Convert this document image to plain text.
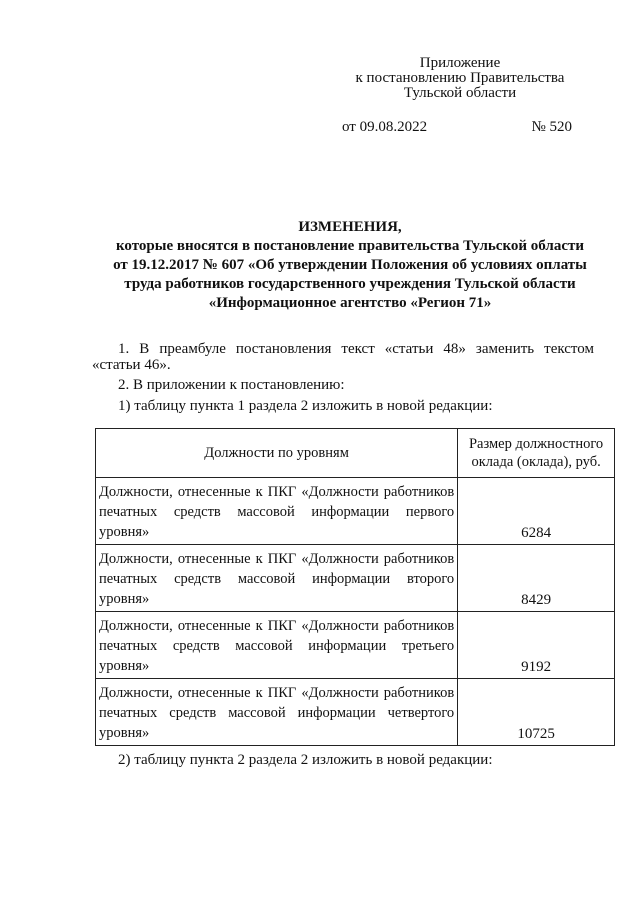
Приложение
к постановлению Правительства
Тульской области
от 09.08.2022	№ 520
ИЗМЕНЕНИЯ,
которые вносятся в постановление правительства Тульской области
от 19.12.2017 № 607 «Об утверждении Положения об условиях оплаты
труда работников государственного учреждения Тульской области
«Информационное агентство «Регион 71»
1. В преамбуле постановления текст «статьи 48» заменить текстом «статьи 46».
2. В приложении к постановлению:
1) таблицу пункта 1 раздела 2 изложить в новой редакции:
Должности по уровням	Размер должностного оклада (оклада), руб.
Должности, отнесенные к ПКГ «Должности работников печатных средств массовой информации первого уровня»	6284
Должности, отнесенные к ПКГ «Должности работников печатных средств массовой информации второго уровня»	8429
Должности, отнесенные к ПКГ «Должности работников печатных средств массовой информации третьего уровня»	9192
Должности, отнесенные к ПКГ «Должности работников печатных средств массовой информации четвертого уровня»	10725
2) таблицу пункта 2 раздела 2 изложить в новой редакции:
